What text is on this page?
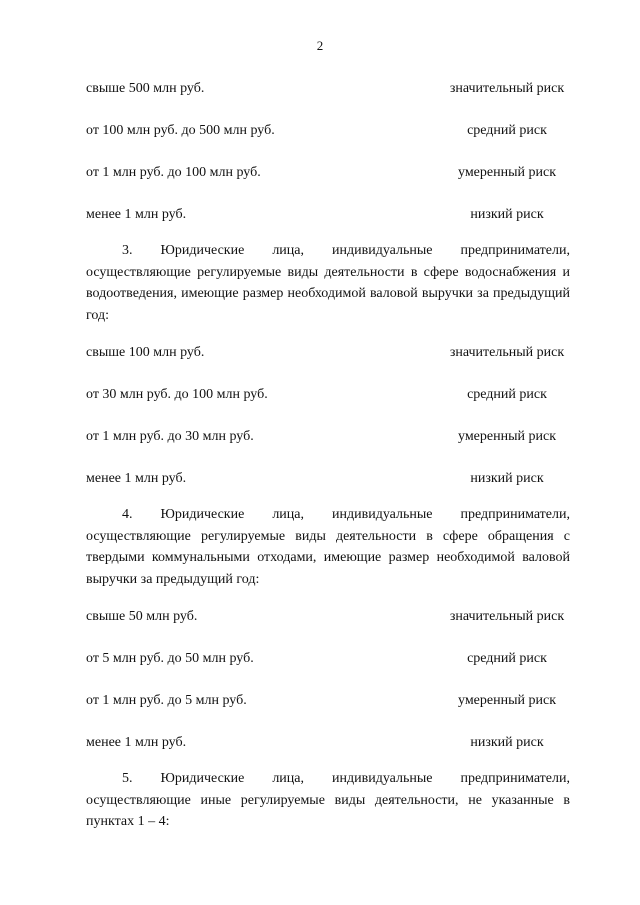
2
свыше 500 млн руб.	значительный риск
от 100 млн руб. до 500 млн руб.	средний риск
от 1 млн руб. до 100 млн руб.	умеренный риск
менее 1 млн руб.	низкий риск
3. Юридические лица, индивидуальные предприниматели, осуществляющие регулируемые виды деятельности в сфере водоснабжения и водоотведения, имеющие размер необходимой валовой выручки за предыдущий год:
свыше 100 млн руб.	значительный риск
от 30 млн руб. до 100 млн руб.	средний риск
от 1 млн руб. до 30 млн руб.	умеренный риск
менее 1 млн руб.	низкий риск
4. Юридические лица, индивидуальные предприниматели, осуществляющие регулируемые виды деятельности в сфере обращения с твердыми коммунальными отходами, имеющие размер необходимой валовой выручки за предыдущий год:
свыше 50 млн руб.	значительный риск
от 5 млн руб. до 50 млн руб.	средний риск
от 1 млн руб. до 5 млн руб.	умеренный риск
менее 1 млн руб.	низкий риск
5. Юридические лица, индивидуальные предприниматели, осуществляющие иные регулируемые виды деятельности, не указанные в пунктах 1 – 4:
